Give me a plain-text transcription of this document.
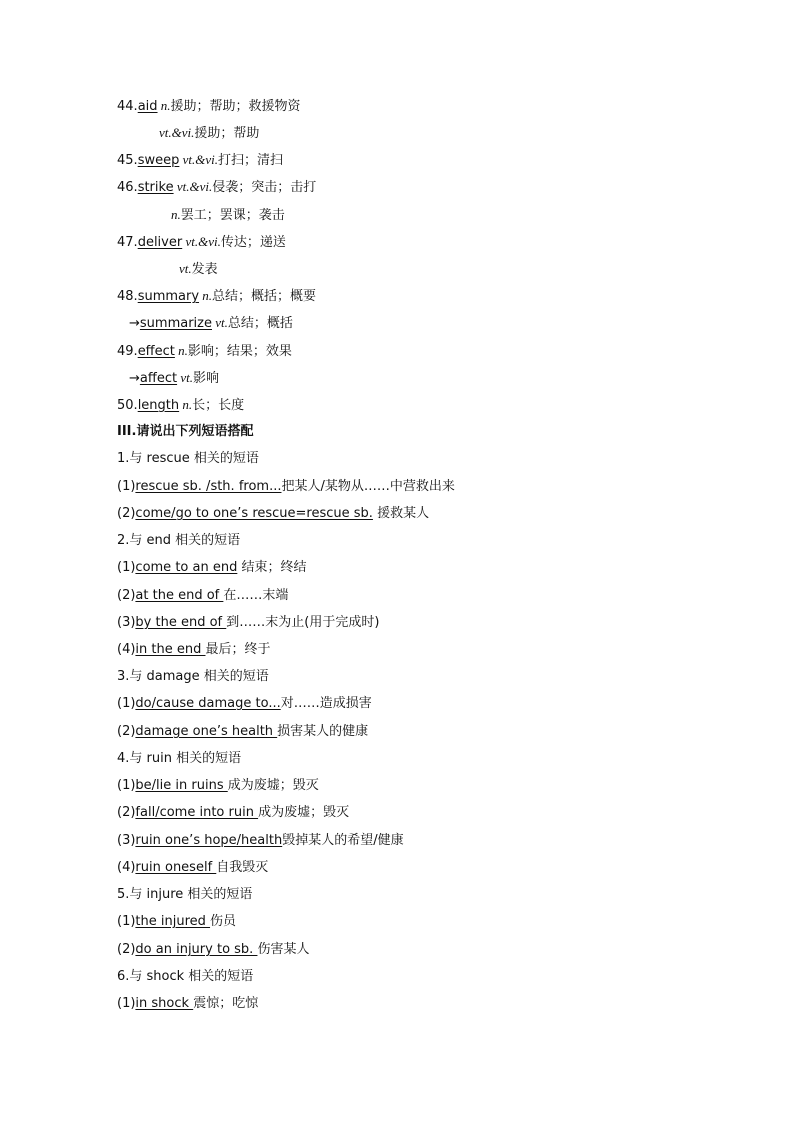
44.aid n.援助；帮助；救援物资
vt.&vi.援助；帮助
45.sweep vt.&vi.打扫；清扫
46.strike vt.&vi.侵袭；突击；击打
n.罢工；罢课；袭击
47.deliver vt.&vi.传达；递送
vt.发表
48.summary n.总结；概括；概要
→summarize vt.总结；概括
49.effect n.影响；结果；效果
→affect vt.影响
50.length n.长；长度
III.请说出下列短语搭配
1.与 rescue 相关的短语
(1)rescue sb. /sth. from...把某人/某物从……中营救出来
(2)come/go to one’s rescue=rescue sb. 援救某人
2.与 end 相关的短语
(1)come to an end 结束；终结
(2)at the end of 在……末端
(3)by the end of 到……末为止(用于完成时)
(4)in the end 最后；终于
3.与 damage 相关的短语
(1)do/cause damage to...对……造成损害
(2)damage one’s health 损害某人的健康
4.与 ruin 相关的短语
(1)be/lie in ruins 成为废墟；毁灭
(2)fall/come into ruin 成为废墟；毁灭
(3)ruin one’s hope/health毁掉某人的希望/健康
(4)ruin oneself 自我毁灭
5.与 injure 相关的短语
(1)the injured 伤员
(2)do an injury to sb. 伤害某人
6.与 shock 相关的短语
(1)in shock 震惊；吃惊
